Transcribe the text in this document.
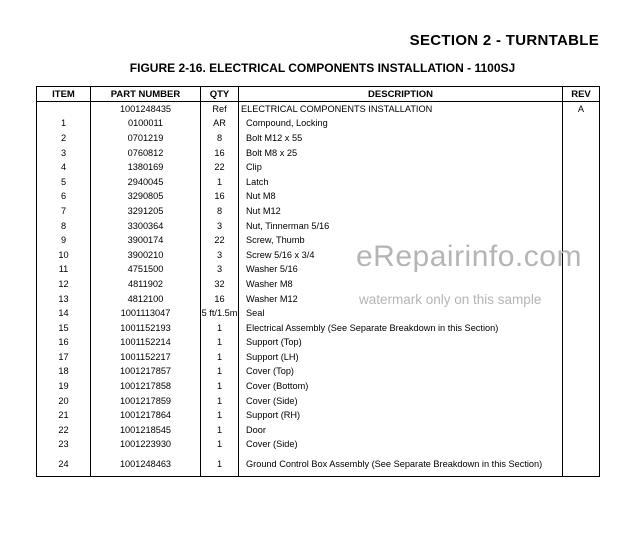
SECTION 2 - TURNTABLE
FIGURE 2-16. ELECTRICAL COMPONENTS INSTALLATION - 1100SJ
ITEM	PART NUMBER	QTY	DESCRIPTION	REV
	1001248435	Ref	ELECTRICAL COMPONENTS INSTALLATION	A
1	0100011	AR	Compound, Locking	
2	0701219	8	Bolt M12 x 55	
3	0760812	16	Bolt M8 x 25	
4	1380169	22	Clip	
5	2940045	1	Latch	
6	3290805	16	Nut M8	
7	3291205	8	Nut M12	
8	3300364	3	Nut, Tinnerman 5/16	
9	3900174	22	Screw, Thumb	
10	3900210	3	Screw 5/16 x 3/4	
11	4751500	3	Washer 5/16	
12	4811902	32	Washer M8	
13	4812100	16	Washer M12	
14	1001113047	5 ft/1.5m	Seal	
15	1001152193	1	Electrical Assembly (See Separate Breakdown in this Section)	
16	1001152214	1	Support (Top)	
17	1001152217	1	Support (LH)	
18	1001217857	1	Cover (Top)	
19	1001217858	1	Cover (Bottom)	
20	1001217859	1	Cover (Side)	
21	1001217864	1	Support (RH)	
22	1001218545	1	Door	
23	1001223930	1	Cover (Side)	
24	1001248463	1	Ground Control Box Assembly (See Separate Breakdown in this Section)	
eRepairinfo.com
watermark only on this sample
